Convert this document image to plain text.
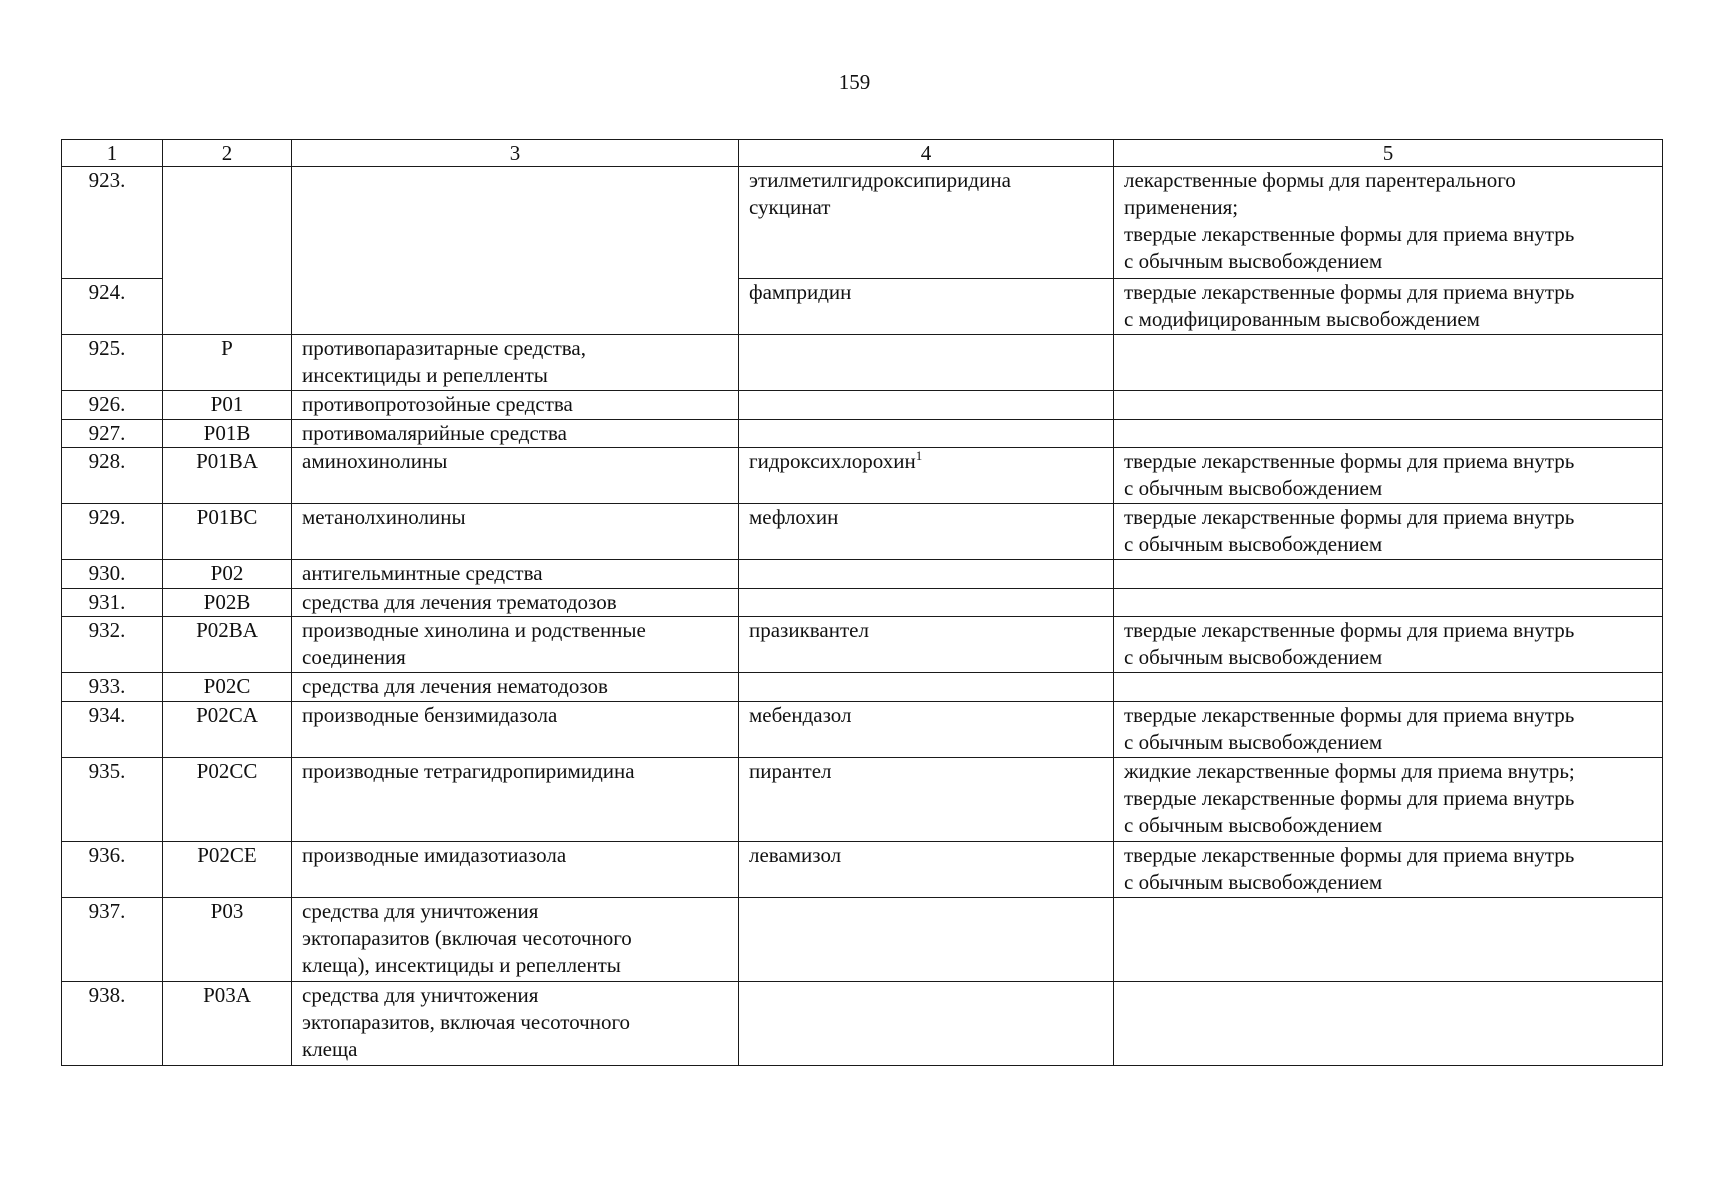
159
1	2	3	4	5
923.			этилметилгидроксипиридина
сукцинат	лекарственные формы для парентерального
применения;
твердые лекарственные формы для приема внутрь
с обычным высвобождением

924.			фампридин	твердые лекарственные формы для приема внутрь
с модифицированным высвобождением

925.	P	противопаразитарные средства,
инсектициды и репелленты		

926.	P01	противопротозойные средства		

927.	P01B	противомалярийные средства		

928.	P01BA	аминохинолины	гидроксихлорохин$^1$	твердые лекарственные формы для приема внутрь
с обычным высвобождением

929.	P01BC	метанолхинолины	мефлохин	твердые лекарственные формы для приема внутрь
с обычным высвобождением

930.	P02	антигельминтные средства		

931.	P02B	средства для лечения трематодозов		

932.	P02BA	производные хинолина и родственные
соединения	празиквантел	твердые лекарственные формы для приема внутрь
с обычным высвобождением

933.	P02C	средства для лечения нематодозов		

934.	P02CA	производные бензимидазола	мебендазол	твердые лекарственные формы для приема внутрь
с обычным высвобождением

935.	P02CC	производные тетрагидропиримидина	пирантел	жидкие лекарственные формы для приема внутрь;
твердые лекарственные формы для приема внутрь
с обычным высвобождением

936.	P02CE	производные имидазотиазола	левамизол	твердые лекарственные формы для приема внутрь
с обычным высвобождением

937.	P03	средства для уничтожения
эктопаразитов (включая чесоточного
клеща), инсектициды и репелленты		

938.	P03A	средства для уничтожения
эктопаразитов, включая чесоточного
клеща		
